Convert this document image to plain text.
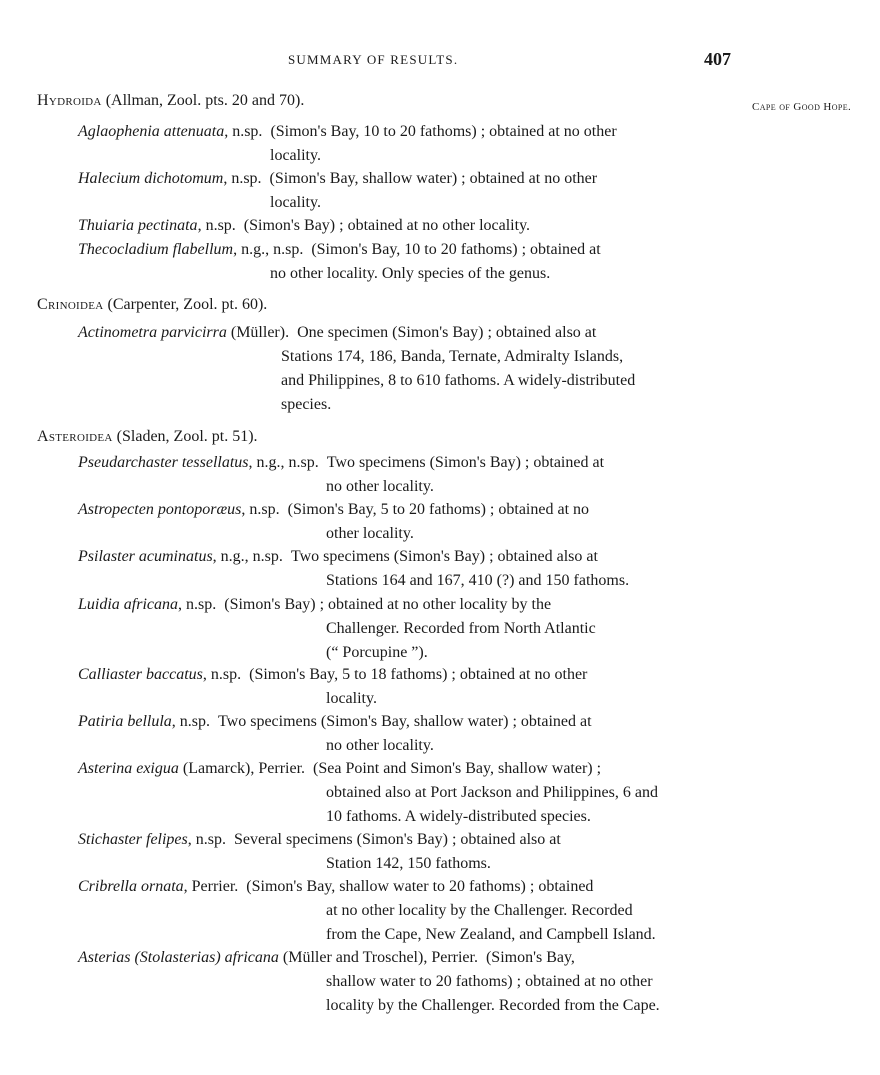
SUMMARY OF RESULTS.	407
Cape of Good Hope.
Hydroida (Allman, Zool. pts. 20 and 70).
Aglaophenia attenuata, n.sp. (Simon's Bay, 10 to 20 fathoms) ; obtained at no other
locality.
Halecium dichotomum, n.sp. (Simon's Bay, shallow water) ; obtained at no other
locality.
Thuiaria pectinata, n.sp. (Simon's Bay) ; obtained at no other locality.
Thecocladium flabellum, n.g., n.sp. (Simon's Bay, 10 to 20 fathoms) ; obtained at
no other locality. Only species of the genus.
Crinoidea (Carpenter, Zool. pt. 60).
Actinometra parvicirra (Müller). One specimen (Simon's Bay) ; obtained also at
Stations 174, 186, Banda, Ternate, Admiralty Islands,
and Philippines, 8 to 610 fathoms. A widely-distributed
species.
Asteroidea (Sladen, Zool. pt. 51).
Pseudarchaster tessellatus, n.g., n.sp. Two specimens (Simon's Bay) ; obtained at
no other locality.
Astropecten pontoporæus, n.sp. (Simon's Bay, 5 to 20 fathoms) ; obtained at no
other locality.
Psilaster acuminatus, n.g., n.sp. Two specimens (Simon's Bay) ; obtained also at
Stations 164 and 167, 410 (?) and 150 fathoms.
Luidia africana, n.sp. (Simon's Bay) ; obtained at no other locality by the
Challenger. Recorded from North Atlantic
(“ Porcupine ”).
Calliaster baccatus, n.sp. (Simon's Bay, 5 to 18 fathoms) ; obtained at no other
locality.
Patiria bellula, n.sp. Two specimens (Simon's Bay, shallow water) ; obtained at
no other locality.
Asterina exigua (Lamarck), Perrier. (Sea Point and Simon's Bay, shallow water) ;
obtained also at Port Jackson and Philippines, 6 and
10 fathoms. A widely-distributed species.
Stichaster felipes, n.sp. Several specimens (Simon's Bay) ; obtained also at
Station 142, 150 fathoms.
Cribrella ornata, Perrier. (Simon's Bay, shallow water to 20 fathoms) ; obtained
at no other locality by the Challenger. Recorded
from the Cape, New Zealand, and Campbell Island.
Asterias (Stolasterias) africana (Müller and Troschel), Perrier. (Simon's Bay,
shallow water to 20 fathoms) ; obtained at no other
locality by the Challenger. Recorded from the Cape.
